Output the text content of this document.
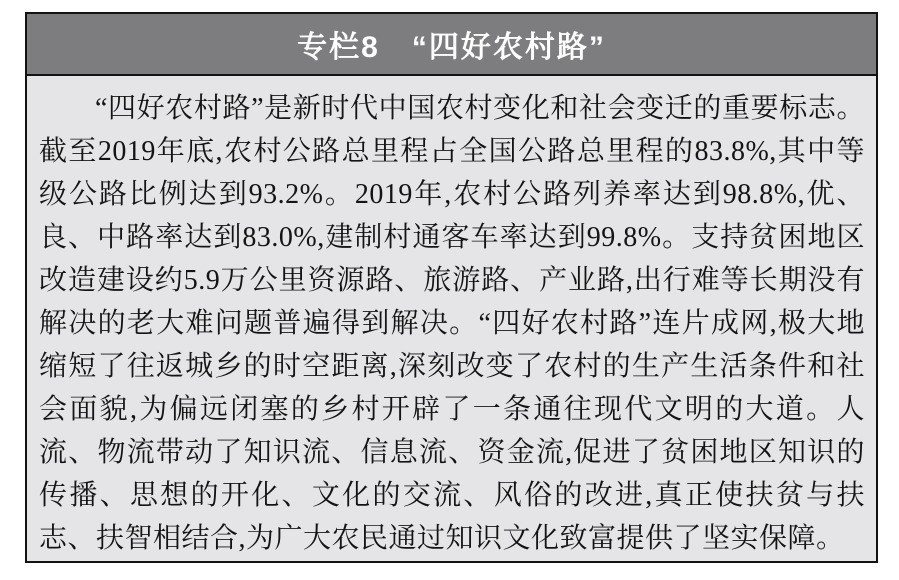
专栏8　“四好农村路”

“四好农村路”是新时代中国农村变化和社会变迁的重要标志。截至2019年底,农村公路总里程占全国公路总里程的83.8%,其中等级公路比例达到93.2%。2019年,农村公路列养率达到98.8%,优、良、中路率达到83.0%,建制村通客车率达到99.8%。支持贫困地区改造建设约5.9万公里资源路、旅游路、产业路,出行难等长期没有解决的老大难问题普遍得到解决。“四好农村路”连片成网,极大地缩短了往返城乡的时空距离,深刻改变了农村的生产生活条件和社会面貌,为偏远闭塞的乡村开辟了一条通往现代文明的大道。人流、物流带动了知识流、信息流、资金流,促进了贫困地区知识的传播、思想的开化、文化的交流、风俗的改进,真正使扶贫与扶志、扶智相结合,为广大农民通过知识文化致富提供了坚实保障。
